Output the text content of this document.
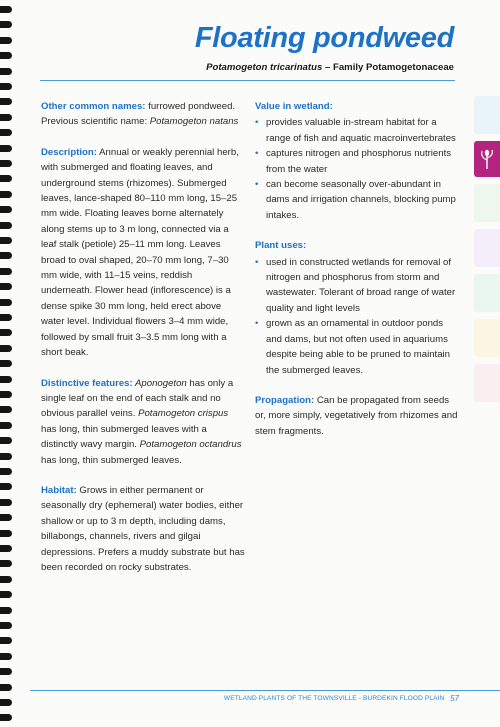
Floating pondweed
Potamogeton tricarinatus – Family Potamogetonaceae
Other common names: furrowed pondweed.
Previous scientific name: Potamogeton natans
Description: Annual or weakly perennial herb, with submerged and floating leaves, and underground stems (rhizomes). Submerged leaves, lance-shaped 80–110 mm long, 15–25 mm wide. Floating leaves borne alternately along stems up to 3 m long, connected via a leaf stalk (petiole) 25–11 mm long. Leaves broad to oval shaped, 20–70 mm long, 7–30 mm wide, with 11–15 veins, reddish underneath. Flower head (inflorescence) is a dense spike 30 mm long, held erect above water level. Individual flowers 3–4 mm wide, followed by small fruit 3–3.5 mm long with a short beak.
Distinctive features: Aponogeton has only a single leaf on the end of each stalk and no obvious parallel veins. Potamogeton crispus has long, thin submerged leaves with a distinctly wavy margin. Potamogeton octandrus has long, thin submerged leaves.
Habitat: Grows in either permanent or seasonally dry (ephemeral) water bodies, either shallow or up to 3 m depth, including dams, billabongs, channels, rivers and gilgai depressions. Prefers a muddy substrate but has been recorded on rocky substrates.
Value in wetland:
• provides valuable in-stream habitat for a range of fish and aquatic macroinvertebrates
• captures nitrogen and phosphorus nutrients from the water
• can become seasonally over-abundant in dams and irrigation channels, blocking pump intakes.
Plant uses:
• used in constructed wetlands for removal of nitrogen and phosphorus from storm and wastewater. Tolerant of broad range of water quality and light levels
• grown as an ornamental in outdoor ponds and dams, but not often used in aquariums despite being able to be pruned to maintain the submerged leaves.
Propagation: Can be propagated from seeds or, more simply, vegetatively from rhizomes and stem fragments.
WETLAND PLANTS OF THE TOWNSVILLE - BURDEKIN FLOOD PLAIN 57
